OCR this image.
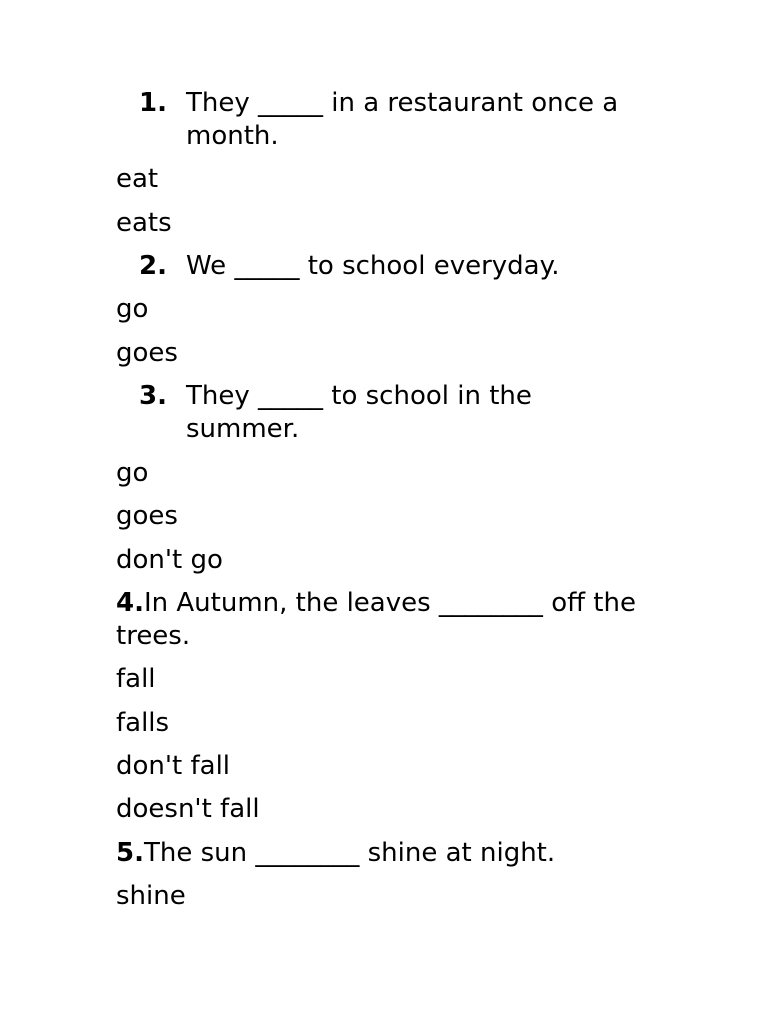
1. They _____ in a restaurant once a month.
eat
eats
2. We _____ to school everyday.
go
goes
3. They _____ to school in the summer.
go
goes
don't go
4.In Autumn, the leaves ________ off the trees.
fall
falls
don't fall
doesn't fall
5.The sun ________ shine at night.
shine
